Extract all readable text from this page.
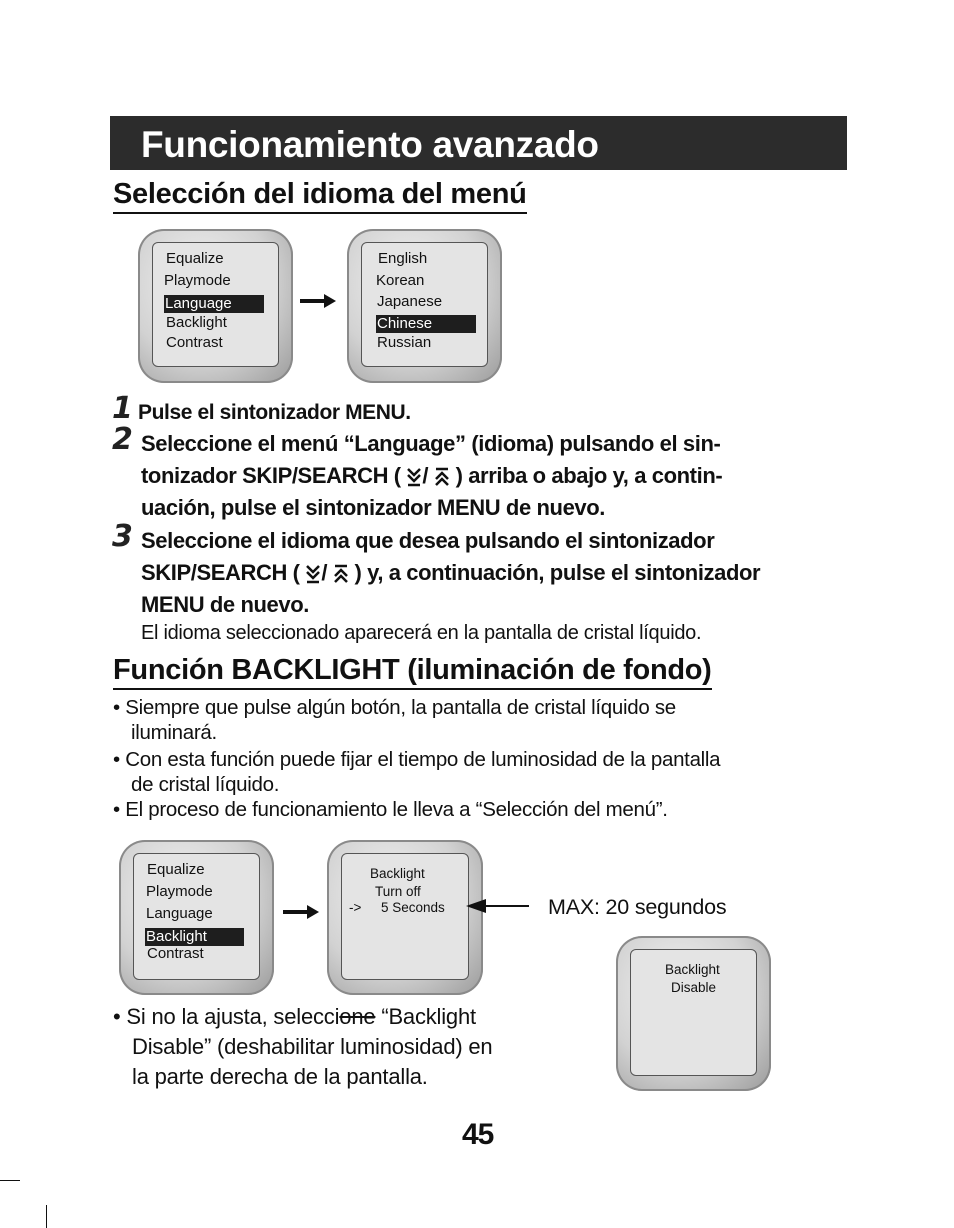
Funcionamiento avanzado
Selección del idioma del menú
Equalize
Playmode
Language
Backlight
Contrast
English
Korean
Japanese
Chinese
Russian
1 Pulse el sintonizador MENU.
2 Seleccione el menú “Language” (idioma) pulsando el sin-
tonizador SKIP/SEARCH ( / ) arriba o abajo y, a contin-
uación, pulse el sintonizador MENU de nuevo.
3 Seleccione el idioma que desea pulsando el sintonizador
SKIP/SEARCH ( / ) y, a continuación, pulse el sintonizador
MENU de nuevo.
El idioma seleccionado aparecerá en la pantalla de cristal líquido.
Función BACKLIGHT (iluminación de fondo)
• Siempre que pulse algún botón, la pantalla de cristal líquido se
iluminará.
• Con esta función puede fijar el tiempo de luminosidad de la pantalla
de cristal líquido.
• El proceso de funcionamiento le lleva a “Selección del menú”.
Equalize
Playmode
Language
Backlight
Contrast
Backlight
Turn off
-> 5 Seconds	MAX: 20 segundos
Backlight
Disable
• Si no la ajusta, seleccione “Backlight
Disable” (deshabilitar luminosidad) en
la parte derecha de la pantalla.
45
